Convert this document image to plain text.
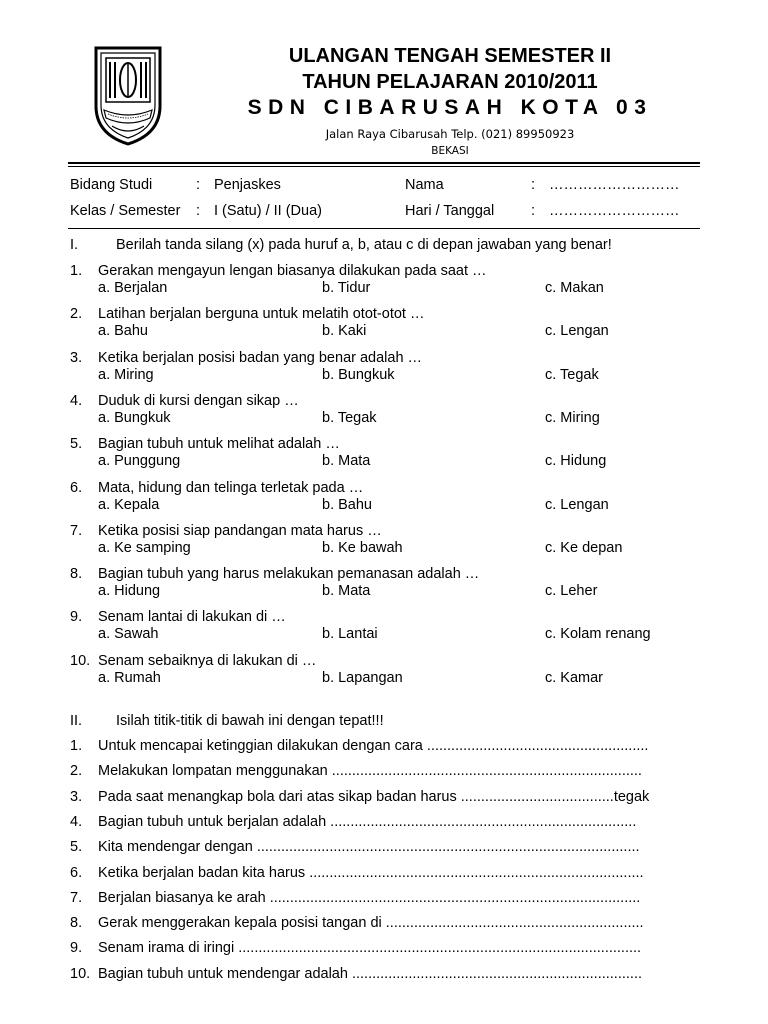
ULANGAN TENGAH SEMESTER II
TAHUN PELAJARAN 2010/2011
SDN CIBARUSAH KOTA 03
Jalan Raya Cibarusah Telp. (021) 89950923
BEKASI
Bidang Studi	: Penjaskes	Nama	: ………………………
Kelas / Semester : I (Satu) / II (Dua)	Hari / Tanggal	: ………………………
I.	Berilah tanda silang (x) pada huruf a, b, atau c di depan jawaban yang benar!
1. Gerakan mengayun lengan biasanya dilakukan pada saat …
a. Berjalan	b. Tidur	c. Makan
2. Latihan berjalan berguna untuk melatih otot-otot …
a. Bahu	b. Kaki	c. Lengan
3. Ketika berjalan posisi badan yang benar adalah …
a. Miring	b. Bungkuk	c. Tegak
4. Duduk di kursi dengan sikap …
a. Bungkuk	b. Tegak	c. Miring
5. Bagian tubuh untuk melihat adalah …
a. Punggung	b. Mata	c. Hidung
6. Mata, hidung dan telinga terletak pada …
a. Kepala	b. Bahu	c. Lengan
7. Ketika posisi siap pandangan mata harus …
a. Ke samping	b. Ke bawah	c. Ke depan
8. Bagian tubuh yang harus melakukan pemanasan adalah …
a. Hidung	b. Mata	c. Leher
9. Senam lantai di lakukan di …
a. Sawah	b. Lantai	c. Kolam renang
10. Senam sebaiknya di lakukan di …
a. Rumah	b. Lapangan	c. Kamar
II. Isilah titik-titik di bawah ini dengan tepat!!!
1. Untuk mencapai ketinggian dilakukan dengan cara .......................................................
2. Melakukan lompatan menggunakan .............................................................................
3. Pada saat menangkap bola dari atas sikap badan harus ......................................tegak
4. Bagian tubuh untuk berjalan adalah ............................................................................
5. Kita mendengar dengan ...............................................................................................
6. Ketika berjalan badan kita harus ...................................................................................
7. Berjalan biasanya ke arah ............................................................................................
8. Gerak menggerakan kepala posisi tangan di ................................................................
9. Senam irama di iringi ....................................................................................................
10. Bagian tubuh untuk mendengar adalah ........................................................................
